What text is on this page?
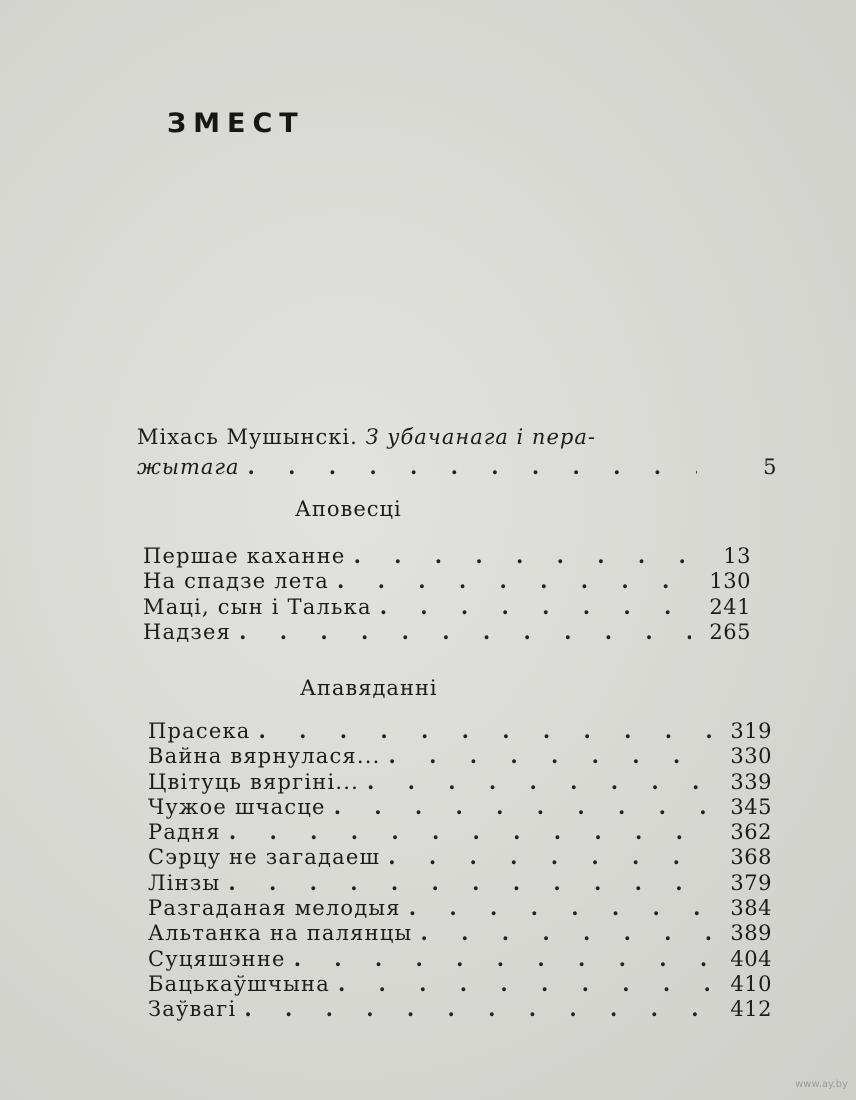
ЗМЕСТ
Міхась Мушынскі. З убачанага і пера-
жытага . . .	5
Аповесці
Першае каханне . . .	13
На спадзе лета . . .	130
Маці, сын і Талька . . .	241
Надзея . . .	265
Апавяданні
Прасека . . .	319
Вайна вярнулася... . . .	330
Цвітуць вяргіні... . . .	339
Чужое шчасце . . .	345
Радня . . .	362
Сэрцу не загадаеш . . .	368
Лінзы . . .	379
Разгаданая мелодыя . . .	384
Альтанка на палянцы . . .	389
Суцяшэнне . . .	404
Бацькаўшчына . . .	410
Заўвагі . . .	412
www.ay.by
